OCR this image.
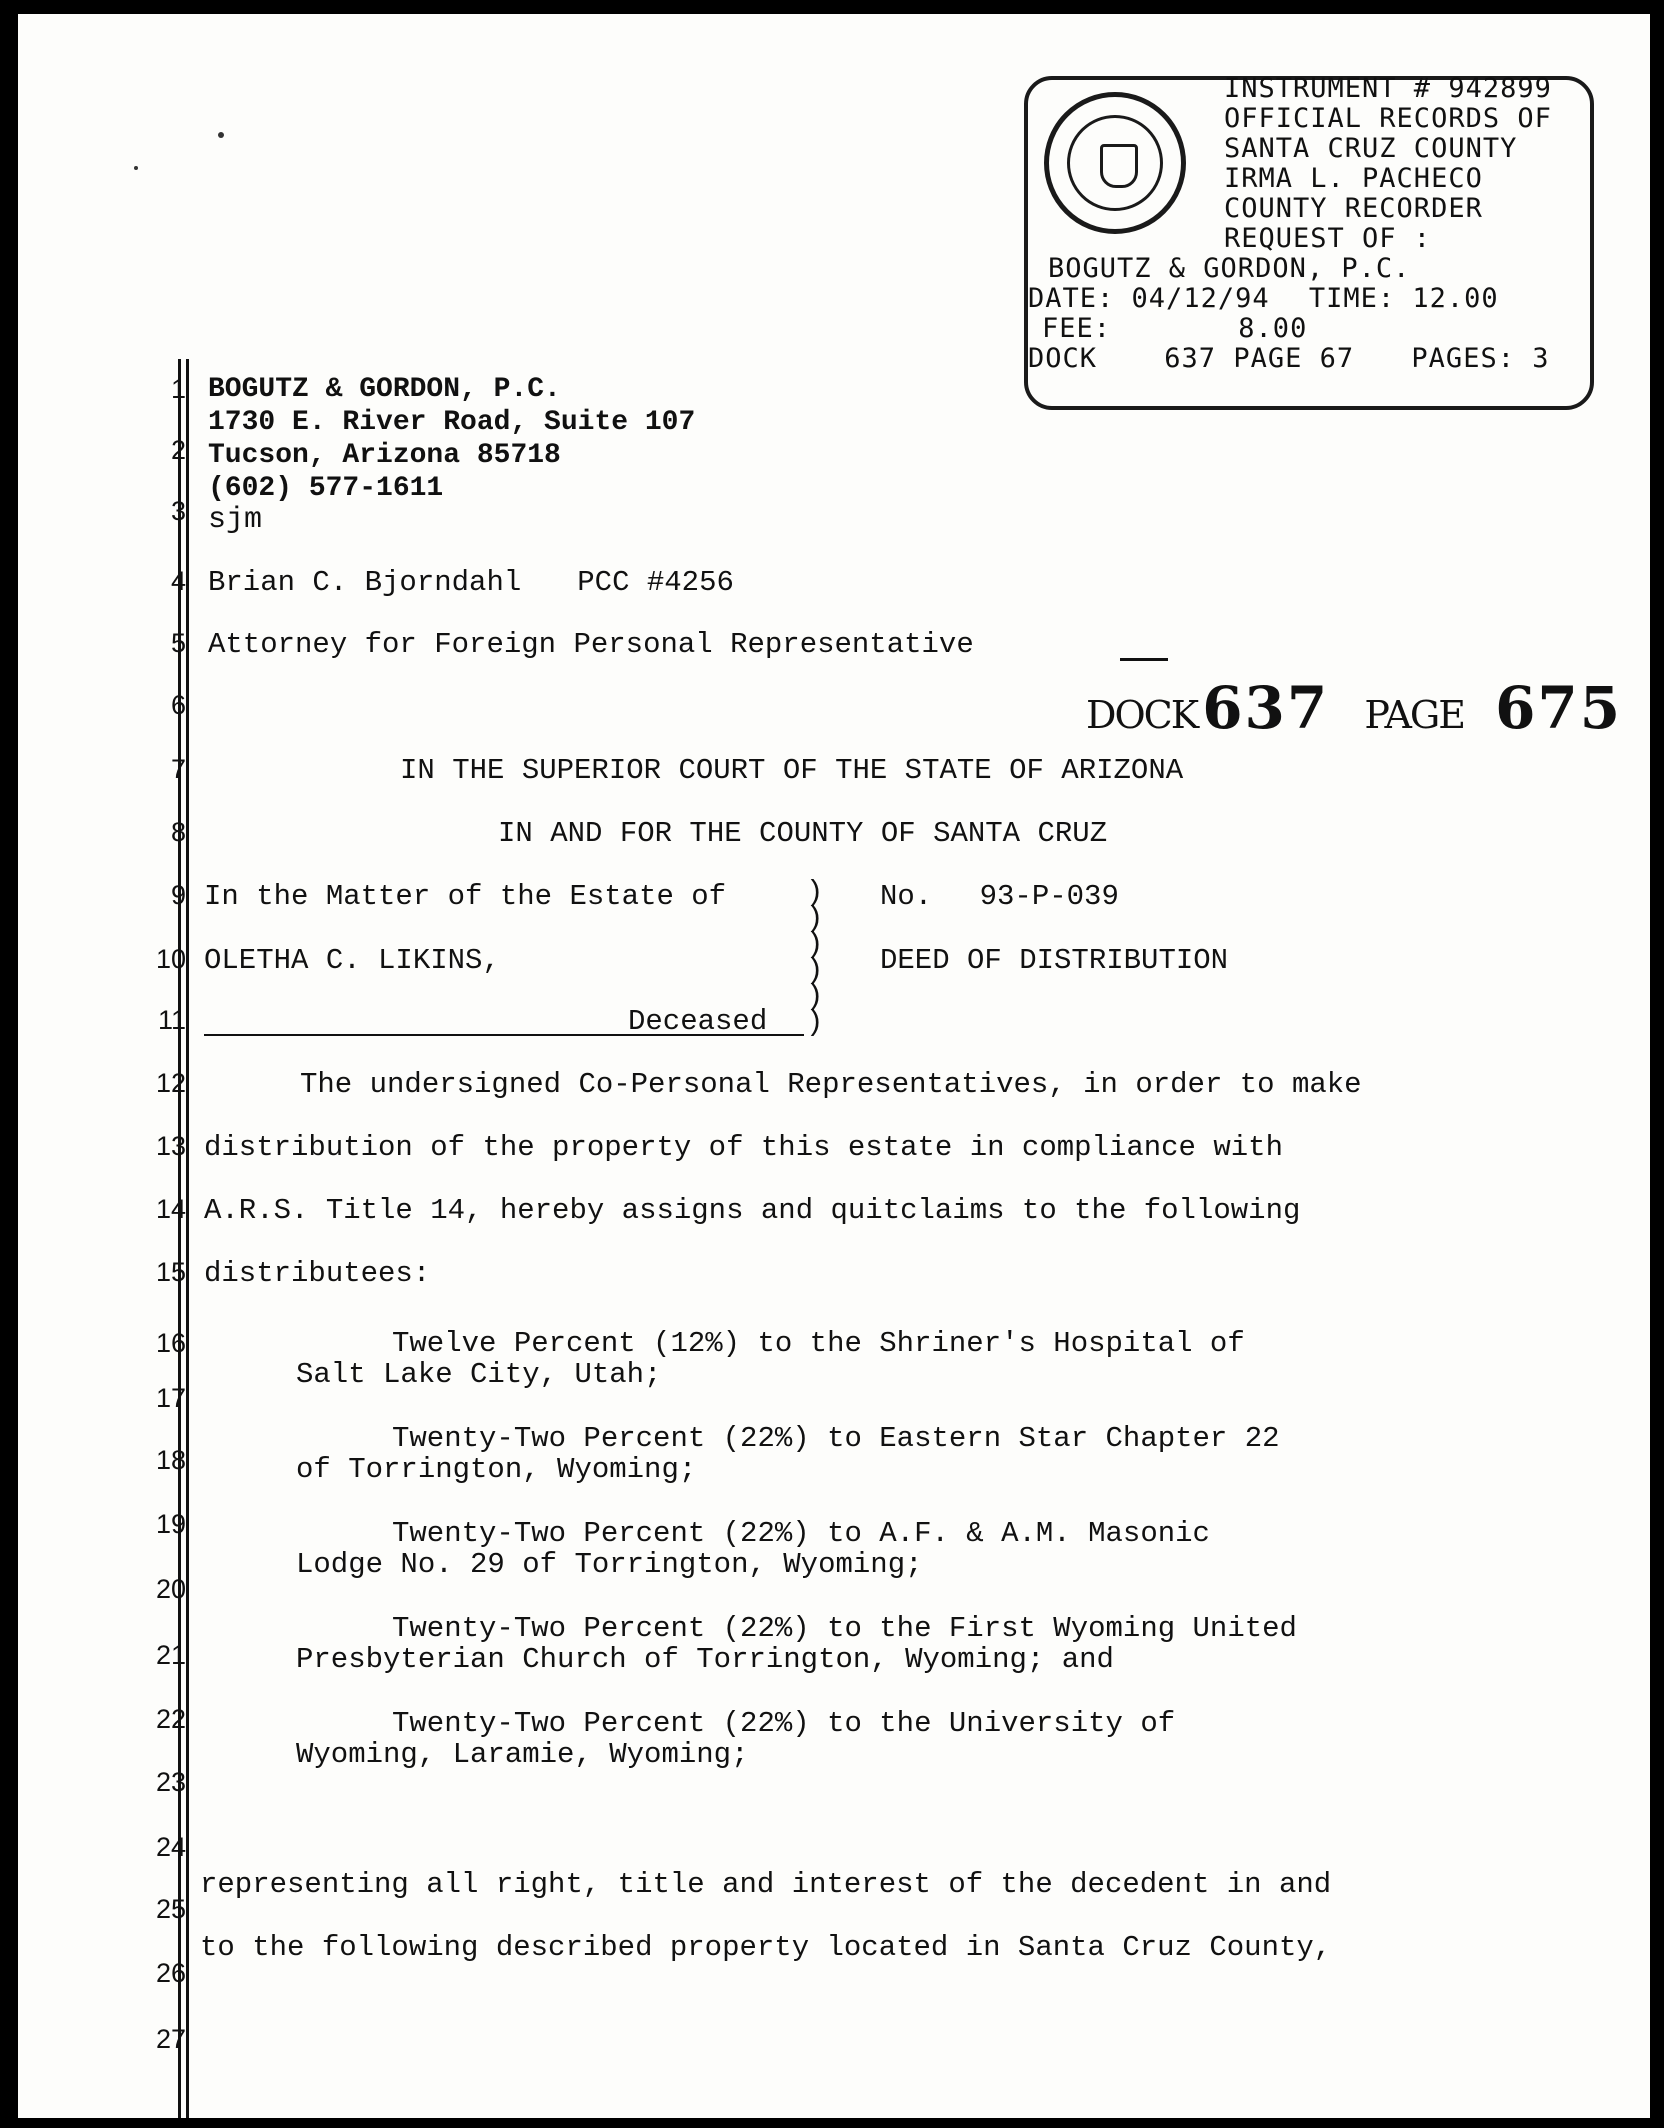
INSTRUMENT # 942899
OFFICIAL RECORDS OF
SANTA CRUZ COUNTY
IRMA L. PACHECO
COUNTY RECORDER
REQUEST OF :
BOGUTZ & GORDON, P.C.
DATE: 04/12/94 TIME: 12.00
FEE:	8.00
DOCK 637 PAGE 67 PAGES: 3
1
2
3
4
5
6
7
8
9
10
11
12
13
14
15
16
17
18
19
20
21
22
23
24
25
26
27
BOGUTZ & GORDON, P.C.
1730 E. River Road, Suite 107
Tucson, Arizona 85718
(602) 577-1611
sjm
Brian C. Bjorndahl PCC #4256
Attorney for Foreign Personal Representative
DOCK 637 PAGE 675
IN THE SUPERIOR COURT OF THE STATE OF ARIZONA
IN AND FOR THE COUNTY OF SANTA CRUZ
In the Matter of the Estate of
OLETHA C. LIKINS,
Deceased
)
)
)
)
)
)
No. 93-P-039
DEED OF DISTRIBUTION
The undersigned Co-Personal Representatives, in order to make
distribution of the property of this estate in compliance with
A.R.S. Title 14, hereby assigns and quitclaims to the following
distributees:
Twelve Percent (12%) to the Shriner's Hospital of
Salt Lake City, Utah;
Twenty-Two Percent (22%) to Eastern Star Chapter 22
of Torrington, Wyoming;
Twenty-Two Percent (22%) to A.F. & A.M. Masonic
Lodge No. 29 of Torrington, Wyoming;
Twenty-Two Percent (22%) to the First Wyoming United
Presbyterian Church of Torrington, Wyoming; and
Twenty-Two Percent (22%) to the University of
Wyoming, Laramie, Wyoming;
representing all right, title and interest of the decedent in and
to the following described property located in Santa Cruz County,
